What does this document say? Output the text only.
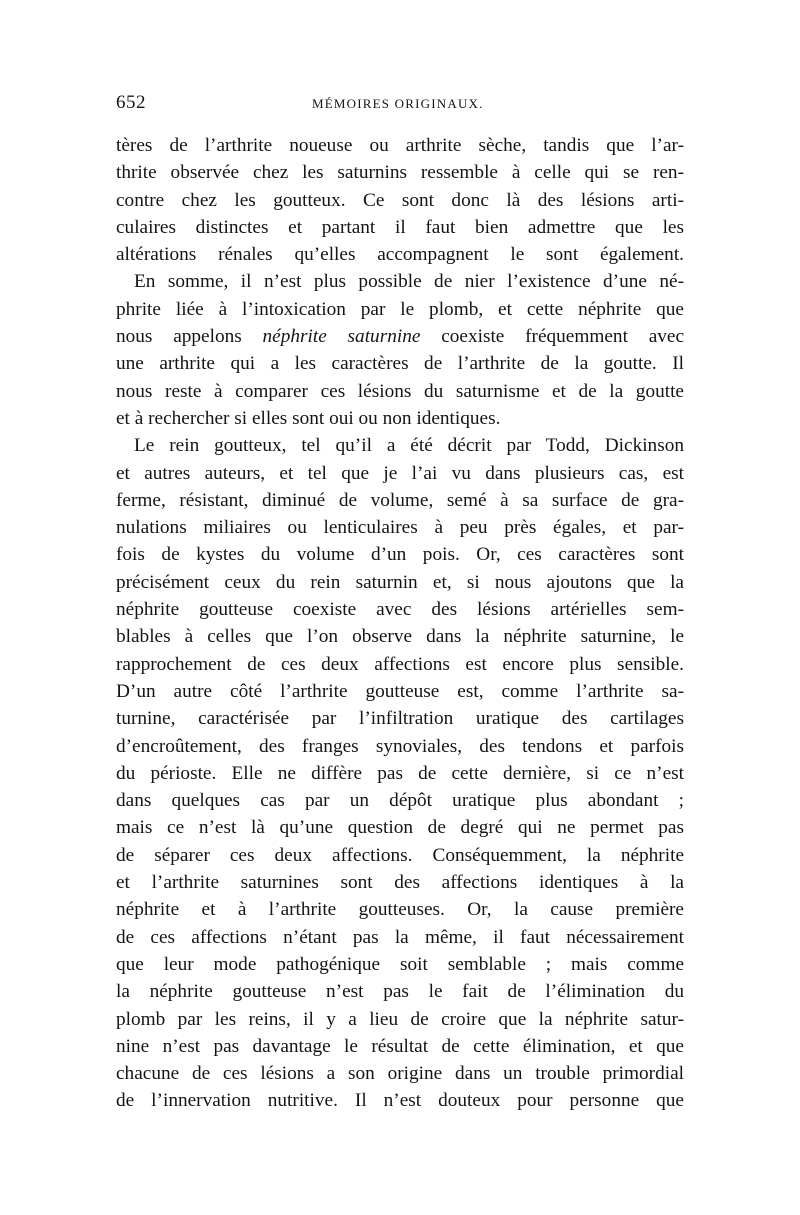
652	MÉMOIRES ORIGINAUX.
tères de l’arthrite noueuse ou arthrite sèche, tandis que l’ar-
thrite observée chez les saturnins ressemble à celle qui se ren-
contre chez les goutteux. Ce sont donc là des lésions arti-
culaires distinctes et partant il faut bien admettre que les
altérations rénales qu’elles accompagnent le sont également.
En somme, il n’est plus possible de nier l’existence d’une né-
phrite liée à l’intoxication par le plomb, et cette néphrite que
nous appelons néphrite saturnine coexiste fréquemment avec
une arthrite qui a les caractères de l’arthrite de la goutte. Il
nous reste à comparer ces lésions du saturnisme et de la goutte
et à rechercher si elles sont oui ou non identiques.
Le rein goutteux, tel qu’il a été décrit par Todd, Dickinson
et autres auteurs, et tel que je l’ai vu dans plusieurs cas, est
ferme, résistant, diminué de volume, semé à sa surface de gra-
nulations miliaires ou lenticulaires à peu près égales, et par-
fois de kystes du volume d’un pois. Or, ces caractères sont
précisément ceux du rein saturnin et, si nous ajoutons que la
néphrite goutteuse coexiste avec des lésions artérielles sem-
blables à celles que l’on observe dans la néphrite saturnine, le
rapprochement de ces deux affections est encore plus sensible.
D’un autre côté l’arthrite goutteuse est, comme l’arthrite sa-
turnine, caractérisée par l’infiltration uratique des cartilages
d’encroûtement, des franges synoviales, des tendons et parfois
du périoste. Elle ne diffère pas de cette dernière, si ce n’est
dans quelques cas par un dépôt uratique plus abondant ;
mais ce n’est là qu’une question de degré qui ne permet pas
de séparer ces deux affections. Conséquemment, la néphrite
et l’arthrite saturnines sont des affections identiques à la
néphrite et à l’arthrite goutteuses. Or, la cause première
de ces affections n’étant pas la même, il faut nécessairement
que leur mode pathogénique soit semblable ; mais comme
la néphrite goutteuse n’est pas le fait de l’élimination du
plomb par les reins, il y a lieu de croire que la néphrite satur-
nine n’est pas davantage le résultat de cette élimination, et que
chacune de ces lésions a son origine dans un trouble primordial
de l’innervation nutritive. Il n’est douteux pour personne que
